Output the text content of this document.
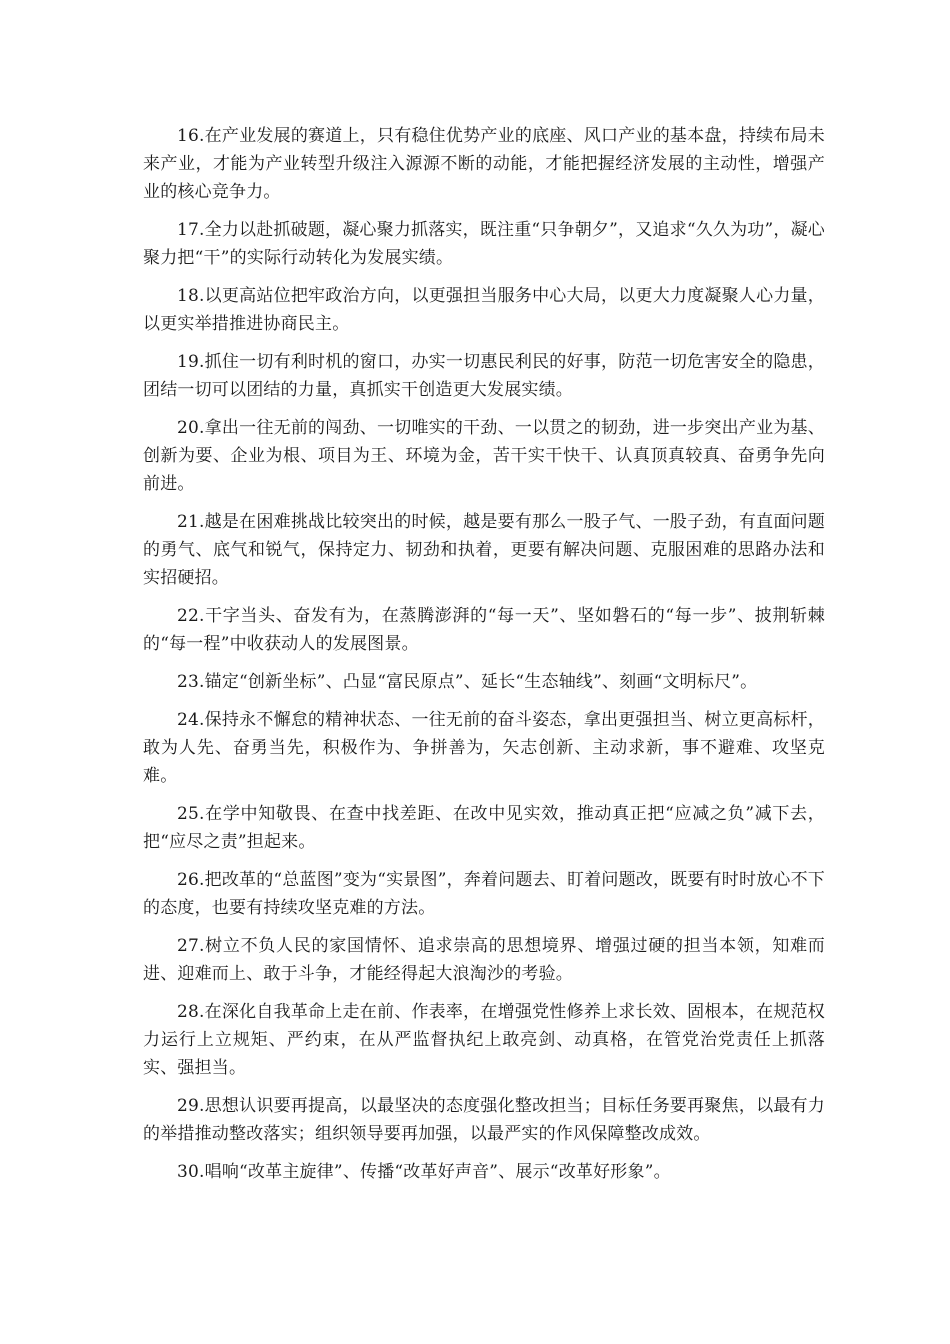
16.在产业发展的赛道上，只有稳住优势产业的底座、风口产业的基本盘，持续布局未来产业，才能为产业转型升级注入源源不断的动能，才能把握经济发展的主动性，增强产业的核心竞争力。

17.全力以赴抓破题，凝心聚力抓落实，既注重“只争朝夕”，又追求“久久为功”，凝心聚力把“干”的实际行动转化为发展实绩。

18.以更高站位把牢政治方向，以更强担当服务中心大局，以更大力度凝聚人心力量，以更实举措推进协商民主。

19.抓住一切有利时机的窗口，办实一切惠民利民的好事，防范一切危害安全的隐患，团结一切可以团结的力量，真抓实干创造更大发展实绩。

20.拿出一往无前的闯劲、一切唯实的干劲、一以贯之的韧劲，进一步突出产业为基、创新为要、企业为根、项目为王、环境为金，苦干实干快干、认真顶真较真、奋勇争先向前进。

21.越是在困难挑战比较突出的时候，越是要有那么一股子气、一股子劲，有直面问题的勇气、底气和锐气，保持定力、韧劲和执着，更要有解决问题、克服困难的思路办法和实招硬招。

22.干字当头、奋发有为，在蒸腾澎湃的“每一天”、坚如磐石的“每一步”、披荆斩棘的“每一程”中收获动人的发展图景。

23.锚定“创新坐标”、凸显“富民原点”、延长“生态轴线”、刻画“文明标尺”。

24.保持永不懈怠的精神状态、一往无前的奋斗姿态，拿出更强担当、树立更高标杆，敢为人先、奋勇当先，积极作为、争拼善为，矢志创新、主动求新，事不避难、攻坚克难。

25.在学中知敬畏、在查中找差距、在改中见实效，推动真正把“应减之负”减下去，把“应尽之责”担起来。

26.把改革的“总蓝图”变为“实景图”，奔着问题去、盯着问题改，既要有时时放心不下的态度，也要有持续攻坚克难的方法。

27.树立不负人民的家国情怀、追求崇高的思想境界、增强过硬的担当本领，知难而进、迎难而上、敢于斗争，才能经得起大浪淘沙的考验。

28.在深化自我革命上走在前、作表率，在增强党性修养上求长效、固根本，在规范权力运行上立规矩、严约束，在从严监督执纪上敢亮剑、动真格，在管党治党责任上抓落实、强担当。

29.思想认识要再提高，以最坚决的态度强化整改担当；目标任务要再聚焦，以最有力的举措推动整改落实；组织领导要再加强，以最严实的作风保障整改成效。

30.唱响“改革主旋律”、传播“改革好声音”、展示“改革好形象”。
